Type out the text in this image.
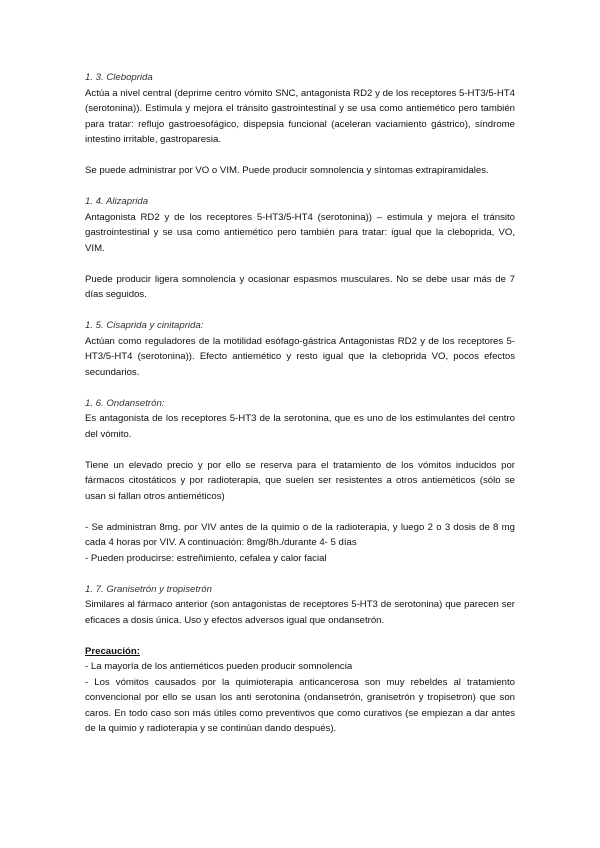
1. 3. Cleboprida

Actúa a nivel central (deprime centro vómito SNC, antagonista RD2 y de los receptores 5-HT3/5-HT4 (serotonina)). Estimula y mejora el tránsito gastrointestinal y se usa como antiemético pero también para tratar: reflujo gastroesofágico, dispepsia funcional (aceleran vaciamiento gástrico), síndrome intestino irritable, gastroparesia.

Se puede administrar por VO o VIM. Puede producir somnolencia y síntomas extrapiramidales.

1. 4. Alizaprida

Antagonista RD2 y de los receptores 5-HT3/5-HT4 (serotonina)) – estimula y mejora el tránsito gastrointestinal y se usa como antiemético pero también para tratar: igual que la cleboprida, VO, VIM.

Puede producir ligera somnolencia y ocasionar espasmos musculares. No se debe usar más de 7 días seguidos.

1. 5. Cisaprida y cinitaprida:

Actúan como reguladores de la motilidad esófago-gástrica Antagonistas RD2 y de los receptores 5-HT3/5-HT4 (serotonina)). Efecto antiemético y resto igual que la cleboprida VO, pocos efectos secundarios.

1. 6. Ondansetrón:

Es antagonista de los receptores 5-HT3 de la serotonina, que es uno de los estimulantes del centro del vómito.

Tiene un elevado precio y por ello se reserva para el tratamiento de los vómitos inducidos por fármacos citostáticos y por radioterapia, que suelen ser resistentes a otros antieméticos (sólo se usan si fallan otros antieméticos)

- Se administran 8mg. por VIV antes de la quimio o de la radioterapia, y luego 2 o 3 dosis de 8 mg cada 4 horas por VIV. A continuación: 8mg/8h./durante 4- 5 días
- Pueden producirse: estreñimiento, cefalea y calor facial
1. 7. Granisetrón y tropisetrón

Similares al fármaco anterior (son antagonistas de receptores 5-HT3 de serotonina) que parecen ser eficaces a dosis única. Uso y efectos adversos igual que ondansetrón.

Precaución:
- La mayoría de los antieméticos pueden producir somnolencia
- Los vómitos causados por la quimioterapia anticancerosa son muy rebeldes al tratamiento convencional por ello se usan los anti serotonina (ondansetrón, granisetrón y tropisetron) que son caros. En todo caso son más útiles como preventivos que como curativos (se empiezan a dar antes de la quimio y radioterapia y se continúan dando después).
